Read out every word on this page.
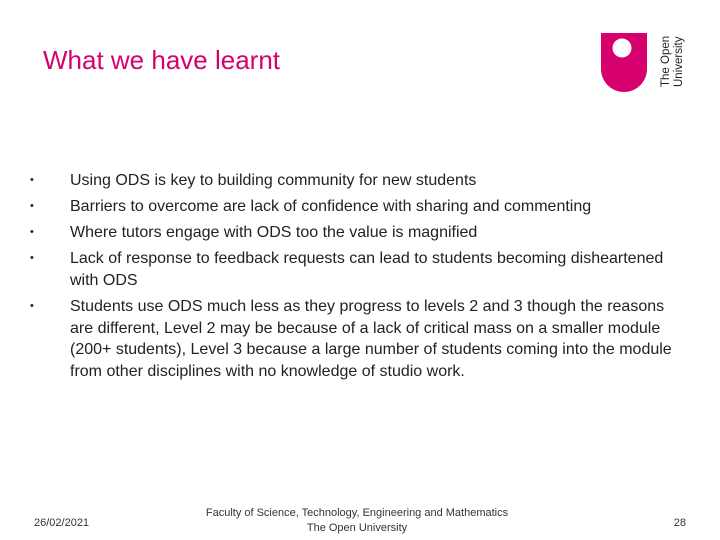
What we have learnt	The Open University
• Using ODS is key to building community for new students
• Barriers to overcome are lack of confidence with sharing and commenting
• Where tutors engage with ODS too the value is magnified
• Lack of response to feedback requests can lead to students becoming disheartened with ODS
• Students use ODS much less as they progress to levels 2 and 3 though the reasons are different, Level 2 may be because of a lack of critical mass on a smaller module (200+ students), Level 3 because a large number of students coming into the module from other disciplines with no knowledge of studio work.
26/02/2021
Faculty of Science, Technology, Engineering and Mathematics
The Open University	28
